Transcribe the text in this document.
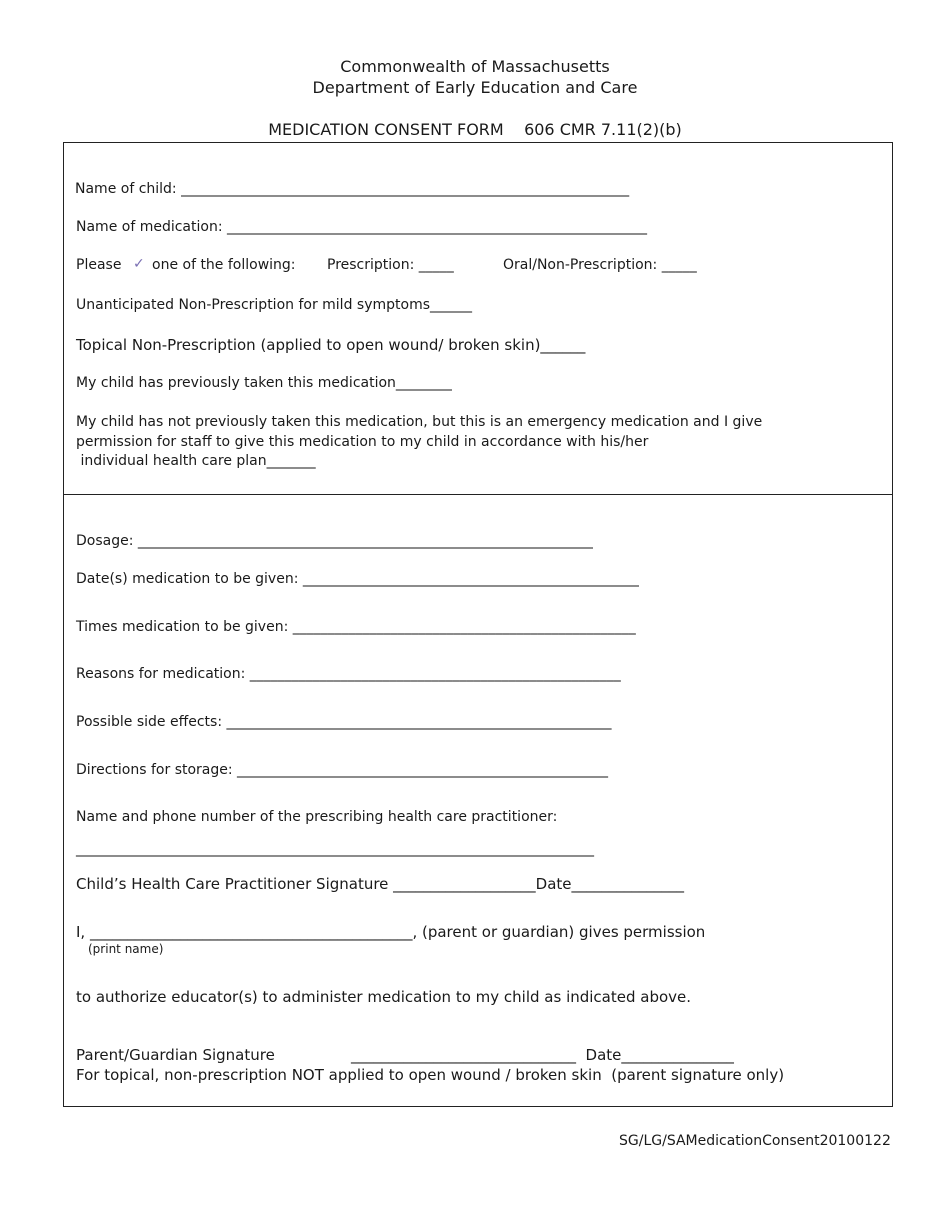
Commonwealth of Massachusetts
Department of Early Education and Care
MEDICATION CONSENT FORM    606 CMR 7.11(2)(b)
Name of child: ________________________________________________________________
Name of medication: ____________________________________________________________
Please ✓ one of the following: Prescription: _____	Oral/Non-Prescription: _____
Unanticipated Non-Prescription for mild symptoms______
Topical Non-Prescription (applied to open wound/ broken skin)______
My child has previously taken this medication________
My child has not previously taken this medication, but this is an emergency medication and I give
permission for staff to give this medication to my child in accordance with his/her
individual health care plan_______
Dosage: _________________________________________________________________
Date(s) medication to be given: ________________________________________________
Times medication to be given: _________________________________________________
Reasons for medication: _____________________________________________________
Possible side effects: _______________________________________________________
Directions for storage: _____________________________________________________
Name and phone number of the prescribing health care practitioner:
__________________________________________________________________________
Child’s Health Care Practitioner Signature ___________________Date_______________
I, ___________________________________________, (parent or guardian) gives permission
(print name)
to authorize educator(s) to administer medication to my child as indicated above.
Parent/Guardian Signature	______________________________  Date_______________
For topical, non-prescription NOT applied to open wound / broken skin  (parent signature only)
SG/LG/SAMedicationConsent20100122
